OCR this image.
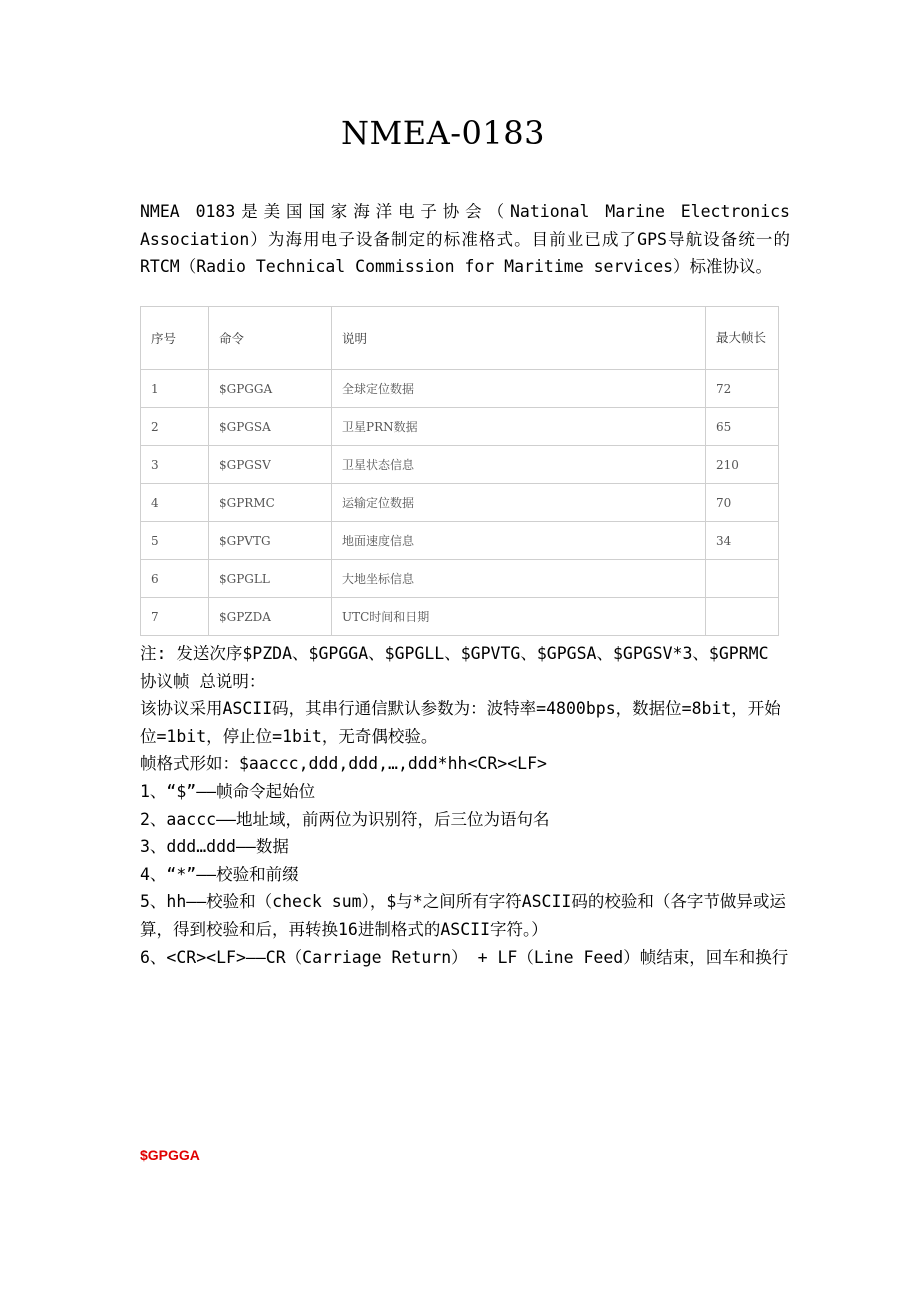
NMEA-0183

NMEA 0183是美国国家海洋电子协会（National Marine Electronics Association）为海用电子设备制定的标准格式。目前业已成了GPS导航设备统一的RTCM（Radio Technical Commission for Maritime services）标准协议。

序号	命令	说明	最大帧长
1	$GPGGA	全球定位数据	72
2	$GPGSA	卫星PRN数据	65
3	$GPGSV	卫星状态信息	210
4	$GPRMC	运输定位数据	70
5	$GPVTG	地面速度信息	34
6	$GPGLL	大地坐标信息	
7	$GPZDA	UTC时间和日期	

注: 发送次序$PZDA、$GPGGA、$GPGLL、$GPVTG、$GPGSA、$GPGSV*3、$GPRMC

协议帧 总说明：

该协议采用ASCII码，其串行通信默认参数为：波特率=4800bps，数据位=8bit，开始位=1bit，停止位=1bit，无奇偶校验。

帧格式形如：$aaccc,ddd,ddd,…,ddd*hh<CR><LF>

1、“$”——帧命令起始位

2、aaccc——地址域，前两位为识别符，后三位为语句名

3、ddd…ddd——数据

4、“*”——校验和前缀

5、hh——校验和（check sum），$与*之间所有字符ASCII码的校验和（各字节做异或运算，得到校验和后，再转换16进制格式的ASCII字符。）

6、<CR><LF>——CR（Carriage Return） + LF（Line Feed）帧结束，回车和换行

$GPGGA
